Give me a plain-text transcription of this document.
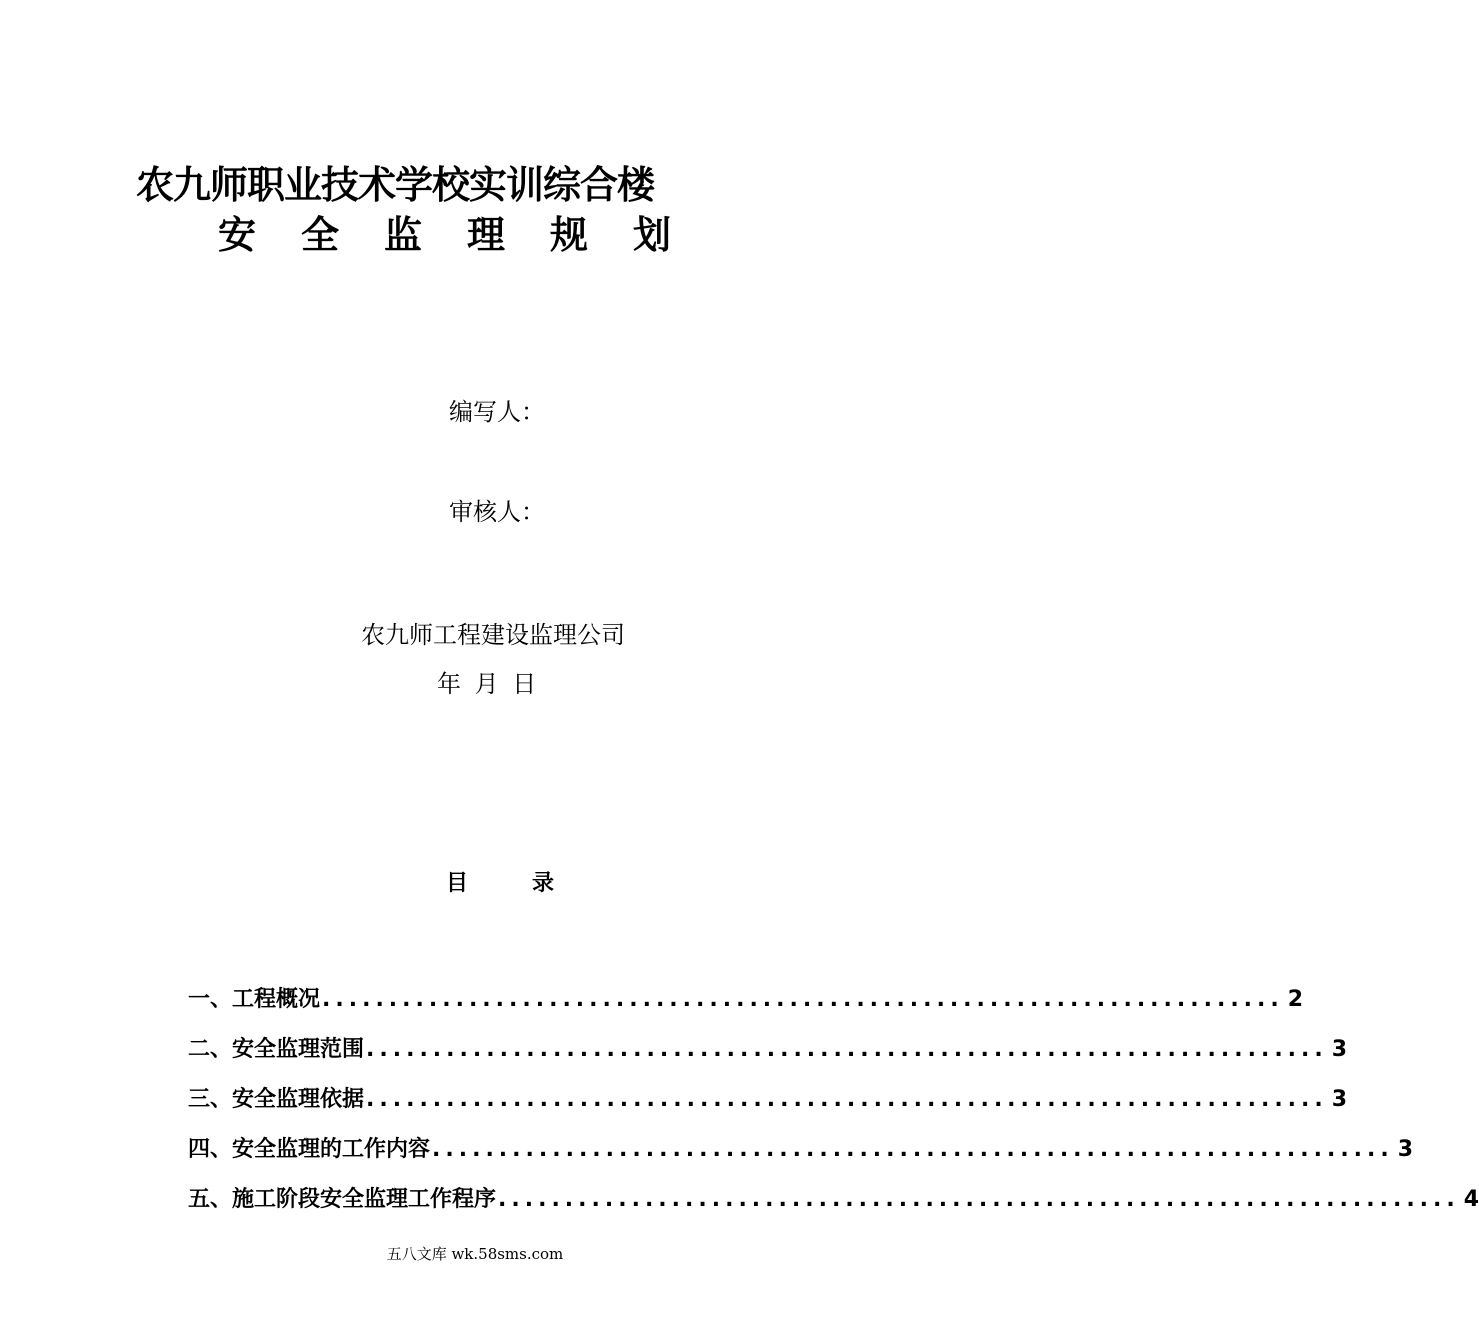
农九师职业技术学校实训综合楼
安全监理规划
编写人：
审核人：
农九师工程建设监理公司
年 月 日
目录
一、工程概况 ........................................................................ 2
二、安全监理范围 ........................................................................ 3
三、安全监理依据 ........................................................................ 3
四、安全监理的工作内容 ........................................................................ 3
五、施工阶段安全监理工作程序 ........................................................................ 4
五八文库 wk.58sms.com
